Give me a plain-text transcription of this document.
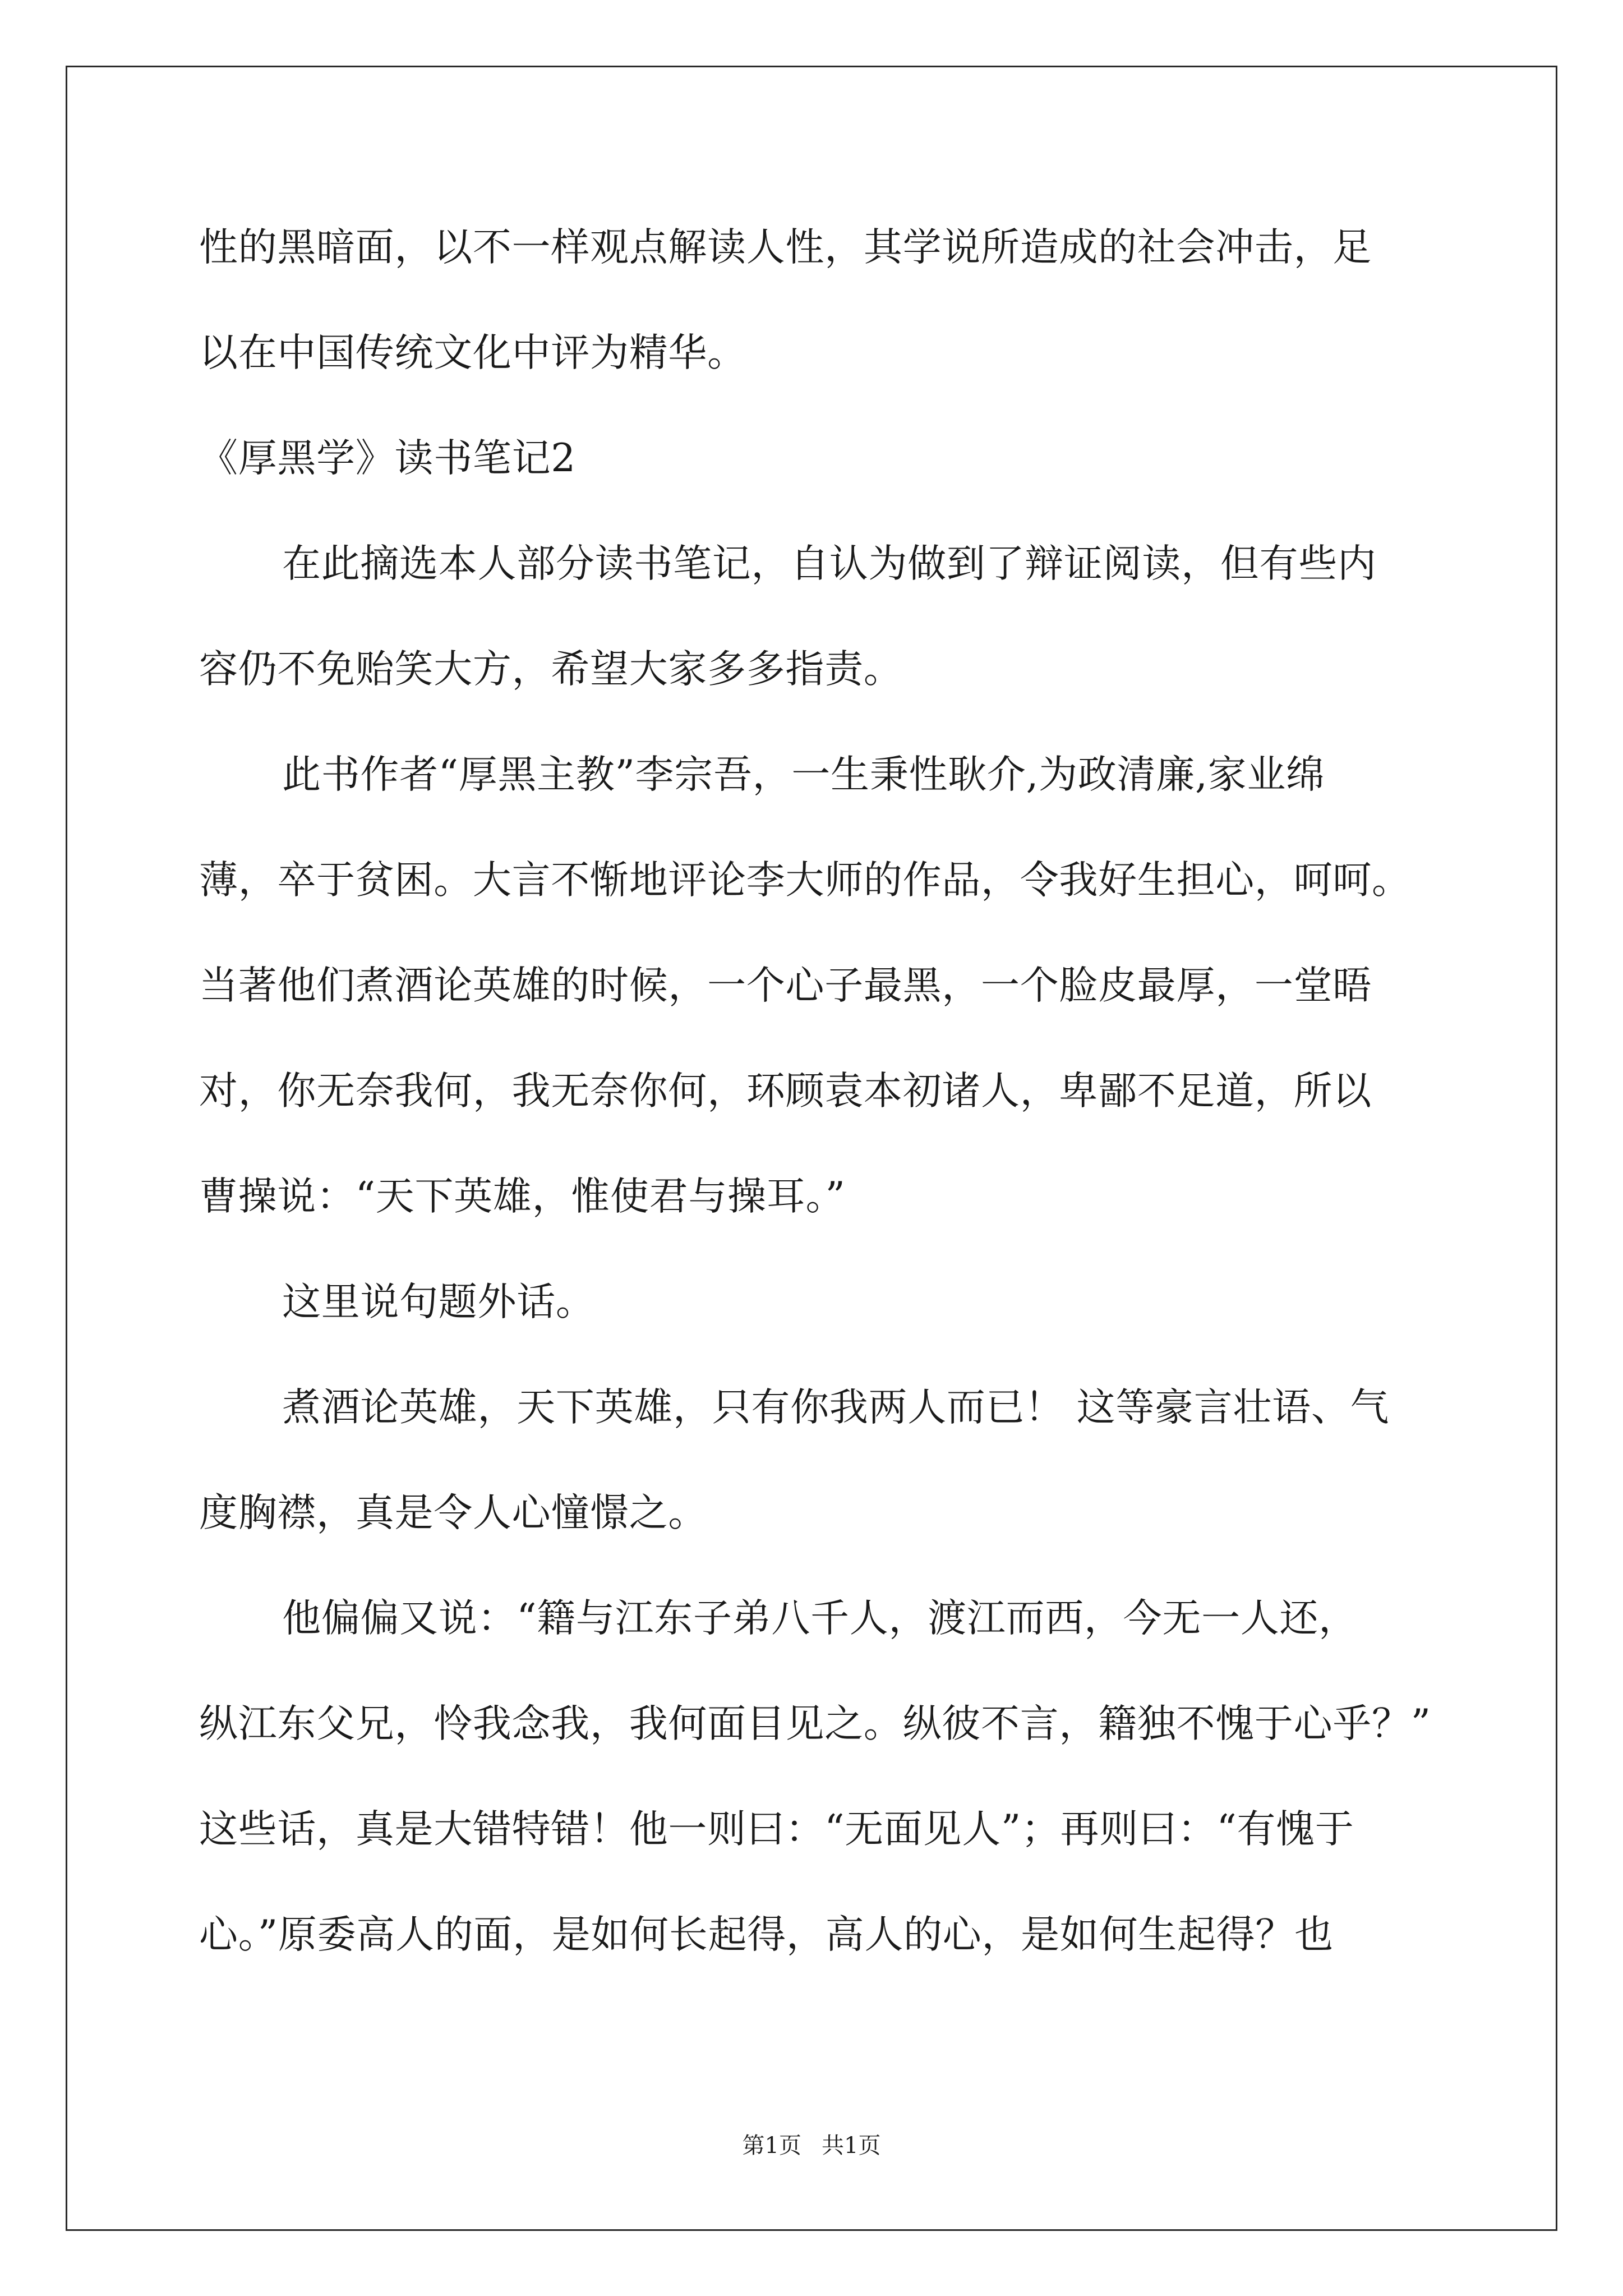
性的黑暗面，以不一样观点解读人性，其学说所造成的社会冲击，足
以在中国传统文化中评为精华。
《厚黑学》读书笔记2
在此摘选本人部分读书笔记，自认为做到了辩证阅读，但有些内
容仍不免贻笑大方，希望大家多多指责。
此书作者“厚黑主教”李宗吾，一生秉性耿介,为政清廉,家业绵
薄，卒于贫困。大言不惭地评论李大师的作品，令我好生担心，呵呵。
当著他们煮酒论英雄的时候，一个心子最黑，一个脸皮最厚，一堂晤
对，你无奈我何，我无奈你何，环顾袁本初诸人，卑鄙不足道，所以
曹操说：“天下英雄，惟使君与操耳。”
这里说句题外话。
煮酒论英雄，天下英雄，只有你我两人而已！ 这等豪言壮语、气
度胸襟，真是令人心憧憬之。
他偏偏又说：“籍与江东子弟八千人，渡江而西，今无一人还，
纵江东父兄，怜我念我，我何面目见之。纵彼不言，籍独不愧于心乎？”
这些话，真是大错特错！他一则曰：“无面见人”；再则曰：“有愧于
心。”原委高人的面，是如何长起得，高人的心，是如何生起得？也
第1页 共1页
